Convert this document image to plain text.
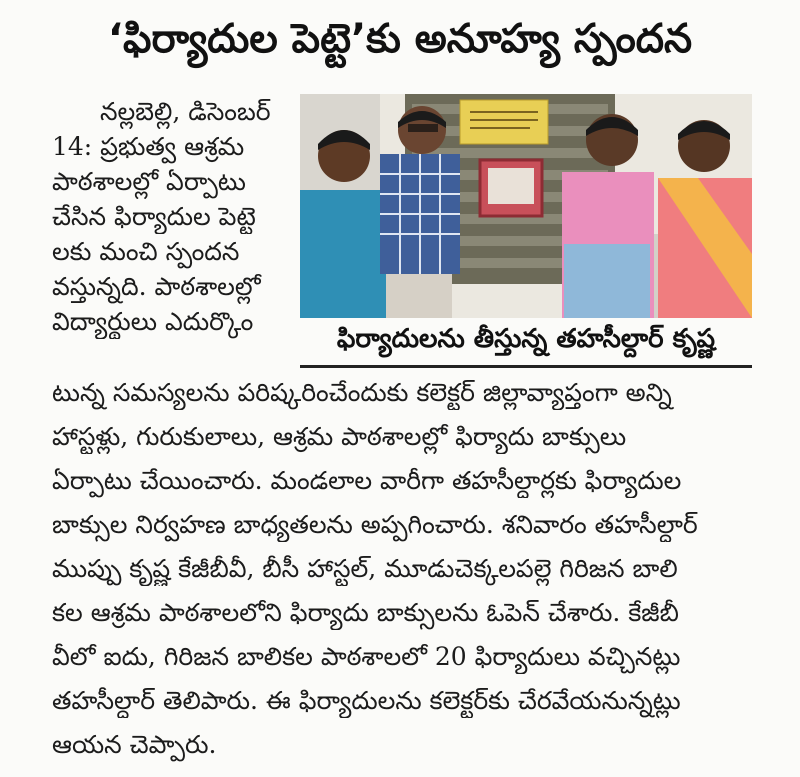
‘ఫిర్యాదుల పెట్టె’కు అనూహ్య స్పందన
నల్లబెల్లి, డిసెంబర్
14: ప్రభుత్వ ఆశ్రమ
పాఠశాలల్లో ఏర్పాటు
చేసిన ఫిర్యాదుల పెట్టె
లకు మంచి స్పందన
వస్తున్నది. పాఠశాలల్లో
విద్యార్థులు ఎదుర్కొం
ఫిర్యాదులను తీస్తున్న తహసీల్దార్ కృష్ణ
టున్న సమస్యలను పరిష్కరించేందుకు కలెక్టర్ జిల్లావ్యాప్తంగా అన్ని
హాస్టళ్లు, గురుకులాలు, ఆశ్రమ పాఠశాలల్లో ఫిర్యాదు బాక్సులు
ఏర్పాటు చేయించారు. మండలాల వారీగా తహసీల్దార్లకు ఫిర్యాదుల
బాక్సుల నిర్వహణ బాధ్యతలను అప్పగించారు. శనివారం తహసీల్దార్
ముప్పు కృష్ణ కేజీబీవీ, బీసీ హాస్టల్, మూడుచెక్కలపల్లె గిరిజన బాలి
కల ఆశ్రమ పాఠశాలలోని ఫిర్యాదు బాక్సులను ఓపెన్ చేశారు. కేజీబీ
వీలో ఐదు, గిరిజన బాలికల పాఠశాలలో 20 ఫిర్యాదులు వచ్చినట్లు
తహసీల్దార్ తెలిపారు. ఈ ఫిర్యాదులను కలెక్టర్‌కు చేరవేయనున్నట్లు
ఆయన చెప్పారు.
